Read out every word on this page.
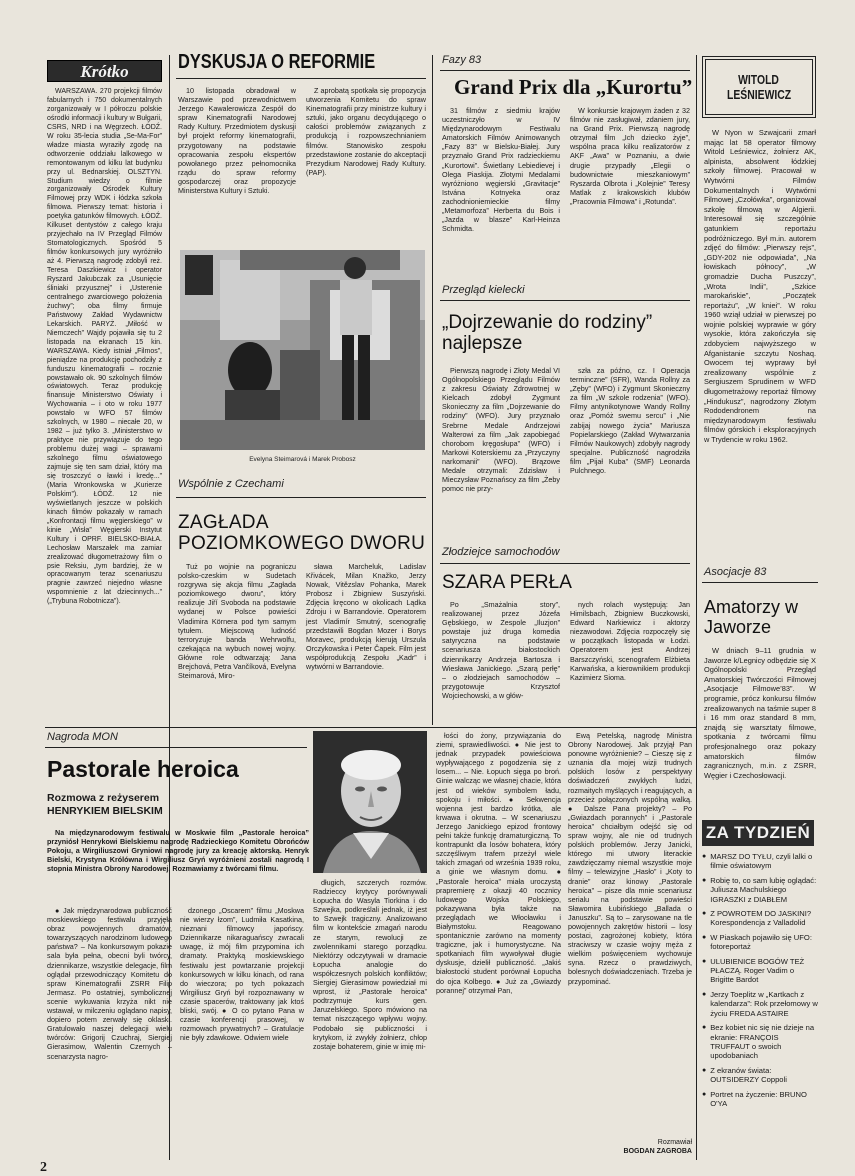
Krótko

WARSZAWA. 270 projekcji filmów fabularnych i 750 dokumentalnych zorganizowały w I półroczu polskie ośrodki informacji i kultury w Bułgarii, CSRS, NRD i na Węgrzech. ŁÓDŹ. W roku 35-lecia studia „Se-Ma-For” władze miasta wyraziły zgodę na odtworzenie oddziału lalkowego w remontowanym od kilku lat budynku przy ul. Bednarskiej. OLSZTYN. Studium wiedzy o filmie zorganizowały Ośrodek Kultury Filmowej przy WDK i łódzka szkoła filmowa. Pierwszy temat: historia i poetyka gatunków filmowych. ŁÓDŹ. Kilkuset dentystów z całego kraju przyjechało na IV Przegląd Filmów Stomatologicznych. Spośród 5 filmów konkursowych jury wyróżniło aż 4. Pierwszą nagrodę zdobyli reż. Teresa Daszkiewicz i operator Ryszard Jakubczak za „Usunięcie śliniaki przyusznej” i „Usterenie centralnego zwarciowego położenia żuchwy”; oba filmy firmuje Państwowy Zakład Wydawnictw Lekarskich. PARYŻ. „Miłość w Niemczech” Wajdy pojawiła się tu 2 listopada na ekranach 15 kin. WARSZAWA. Kiedy istniał „Filmos”, pieniądze na produkcję pochodziły z funduszu kinematografii – rocznie powstawało ok. 90 szkolnych filmów oświatowych. Teraz produkcję finansuje Ministerstwo Oświaty i Wychowania – i oto w roku 1977 powstało w WFO 57 filmów szkolnych, w 1980 – niecałe 20, w 1982 – już tylko 3. „Ministerstwo w praktyce nie przywiązuje do tego problemu dużej wagi – sprawami szkolnego filmu oświatowego zajmuje się ten sam dział, który ma się troszczyć o ławki i kredę...” (Maria Wronkowska w „Kurierze Polskim”). ŁÓDŹ. 12 nie wyświetlanych jeszcze w polskich kinach filmów pokazały w ramach „Konfrontacji filmu węgierskiego” w kinie „Wisła” Węgierski Instytut Kultury i OPRF. BIELSKO-BIAŁA. Lechosław Marszałek ma zamiar zrealizować długometrażowy film o psie Reksiu, „tym bardziej, że w opracowanym teraz scenariuszu pragnie zawrzeć niejedno własne wspomnienie z lat dziecinnych...” („Trybuna Robotnicza”).

DYSKUSJA O REFORMIE

10 listopada obradował w Warszawie pod przewodnictwem Jerzego Kawalerowicza Zespół do spraw Kinematografii Narodowej Rady Kultury. Przedmiotem dyskusji był projekt reformy kinematografii, przygotowany na podstawie opracowania zespołu ekspertów powołanego przez pełnomocnika rządu do spraw reformy gospodarczej oraz propozycje Ministerstwa Kultury i Sztuki.

Z aprobatą spotkała się propozycja utworzenia Komitetu do spraw Kinematografii przy ministrze kultury i sztuki, jako organu decydującego o całości problemów związanych z produkcją i rozpowszechnianiem filmów. Stanowisko zespołu przedstawione zostanie do akceptacji Prezydium Narodowej Rady Kultury. (PAP).

Evelyna Steimarová i Marek Probosz
Wspólnie z Czechami
ZAGŁADA POZIOMKOWEGO DWORU

Tuż po wojnie na pograniczu polsko-czeskim w Sudetach rozgrywa się akcja filmu „Zagłada poziomkowego dworu”, który realizuje Jiří Svoboda na podstawie wydanej w Polsce powieści Vladimira Körnera pod tym samym tytułem. Miejscową ludność terroryzuje banda Wehrwolfu, czekająca na wybuch nowej wojny. Główne role odtwarzają: Jana Brejchová, Petra Vančíková, Evelyna Steimarová, Miro-

sława Marcheluk, Ladislav Křivácek, Milan Knažko, Jerzy Nowak, Vitězslav Pohanka, Marek Probosz i Zbigniew Suszyński. Zdjęcia kręcono w okolicach Lądka Zdroju i w Barrandovie. Operatorem jest Vladimír Smutný, scenografię przedstawili Bogdan Mozer i Borys Moravec, produkcją kierują Urszula Orczykowska i Peter Čapek. Film jest współprodukcją Zespołu „Kadr” i wytwórni w Barrandovie.

Fazy 83
Grand Prix dla „Kurortu”

31 filmów z siedmiu krajów uczestniczyło w IV Międzynarodowym Festiwalu Amatorskich Filmów Animowanych „Fazy 83” w Bielsku-Białej. Jury przyznało Grand Prix radzieckiemu „Kurortowi”. Świetlany Lebiedievej i Olega Piaskija. Złotymi Medalami wyróżniono węgierski „Gravitacje” Istvána Kotnyeka oraz zachodnioniemieckie filmy „Metamorfoza” Herberta du Bois i „Jazda w blasze” Karl-Heinza Schmidta.

W konkursie krajowym żaden z 32 filmów nie zasługiwał, zdaniem jury, na Grand Prix. Pierwszą nagrodę otrzymał film „Ich dziecko żyje”, wspólna praca kilku realizatorów z AKF „Awa” w Poznaniu, a dwie drugie przypadły „Elegii o budownictwie mieszkaniowym” Ryszarda Olbrota i „Kolejnie” Teresy Matlak z krakowskich klubów „Pracownia Filmowa” i „Rotunda”.

Przegląd kielecki
„Dojrzewanie do rodziny” najlepsze

Pierwszą nagrodę i Złoty Medal VI Ogólnopolskiego Przeglądu Filmów z zakresu Oświaty Zdrowotnej w Kielcach zdobył Zygmunt Skonieczny za film „Dojrzewanie do rodziny” (WFO). Jury przyznało Srebrne Medale Andrzejowi Walterowi za film „Jak zapobiegać chorobom kręgosłupa” (WFO) i Markowi Koterskiemu za „Przyczyny narkomanii” (WFO). Brązowe Medale otrzymali: Zdzisław i Mieczysław Poznańscy za film „Żeby pomoc nie przy-

szła za późno, cz. I Operacja terminczne” (SFR), Wanda Rollny za „Zęby” (WFO) i Zygmunt Skonieczny za film „W szkole rodzenia” (WFO). Filmy antynikotynowe Wandy Rollny oraz „Pomóż swemu sercu” i „Nie zabijaj nowego życia” Mariusza Popielarskiego (Zakład Wytwarzania Filmów Naukowych) zdobyły nagrody specjalne. Publiczność nagrodziła film „Pijał Kuba” (SMF) Leonarda Pulchnego.

Złodziejce samochodów
SZARA PERŁA

Po „Smażalnia story”, realizowanej przez Józefa Gębskiego, w Zespole „Iluzjon” powstaje już druga komedia satyryczna na podstawie scenariusza białostockich dziennikarzy Andrzeja Bartosza i Wiesława Janickiego. „Szarą perłę” – o złodziejach samochodów – przygotowuje Krzysztof Wojciechowski, a w głów-

nych rolach występują: Jan Himilsbach, Zbigniew Buczkowski, Edward Narkiewicz i aktorzy niezawodowi. Zdjęcia rozpoczęły się w początkach listopada w Łodzi. Operatorem jest Andrzej Barszczyński, scenografem Elżbieta Karwańska, a kierownikiem produkcji Kazimierz Sioma.

WITOLD
LEŚNIEWICZ

W Nyon w Szwajcarii zmarł mając lat 58 operator filmowy Witold Leśniewicz, żołnierz AK, alpinista, absolwent łódzkiej szkoły filmowej. Pracował w Wytwórni Filmów Dokumentalnych i Wytwórni Filmowej „Czołówka”, organizował szkołę filmową w Algierii. Interesował się szczególnie gatunkiem reportażu podróżniczego. Był m.in. autorem zdjęć do filmów: „Pierwszy rejs”, „GDY-202 nie odpowiada”, „Na łowiskach północy”, „W gromadzie Ducha Puszczy”, „Wrota Indii”, „Szkice marokańskie”, „Początek reportażu”, „W knieі”. W roku 1960 wziął udział w pierwszej po wojnie polskiej wyprawie w góry wysokie, która zakończyła się zdobyciem najwyższego w Afganistanie szczytu Noshaq. Owocem tej wyprawy był zrealizowany wspólnie z Sergiuszem Sprudinem w WFD długometrażowy reportaż filmowy „Hindukusz”, nagrodzony Złotym Rododendronem na międzynarodowym festiwalu filmów górskich i eksploracyjnych w Trydencie w roku 1962.

Asocjacje 83
Amatorzy w Jaworze

W dniach 9–11 grudnia w Jaworze k/Legnicy odbędzie się X Ogólnopolski Przegląd Amatorskiej Twórczości Filmowej „Asocjacje Filmowe’83”. W programie, prócz konkursu filmów zrealizowanych na taśmie super 8 i 16 mm oraz standard 8 mm, znajdą się warsztaty filmowe, spotkania z twórcami filmu profesjonalnego oraz pokazy amatorskich filmów zagranicznych, m.in. z ZSRR, Węgier i Czechosłowacji.

ZA TYDZIEŃ
● MARSZ DO TYŁU, czyli lalki o filmie oświatowym
● Robię to, co sam lubię oglądać: Juliusza Machulskiego IGRASZKI z DIABŁEM
● Z POWROTEM DO JASKINI? Korespondencja z Valladolid
● W Piaskach pojawiło się UFO: fotoreportaż
● ULUBIENICE BOGÓW TEŻ PŁACZĄ. Roger Vadim o Brigitte Bardot
● Jerzy Toeplitz w „Kartkach z kalendarza”: Rok przełomowy w życiu FREDA ASTAIRE
● Bez kobiet nic się nie dzieje na ekranie: FRANÇOIS TRUFFAUT o swoich upodobaniach
● Z ekranów świata: OUTSIDERZY Coppoli
● Portret na życzenie: BRUNO O'YA
Nagroda MON
Pastorale heroica
Rozmowa z reżyserem
HENRYKIEM BIELSKIM

Na międzynarodowym festiwalu w Moskwie film „Pastorale heroica” przyniósł Henrykowi Bielskiemu nagrodę Radzieckiego Komitetu Obrońców Pokoju, a Wirgiliuszowi Gryniowi nagrodę jury za kreację aktorską. Henryk Bielski, Krystyna Królówna i Wirgiliusz Gryń wyróżnieni zostali nagrodą I stopnia Ministra Obrony Narodowej. Rozmawiamy z twórcami filmu.

● Jak międzynarodowa publiczność moskiewskiego festiwalu przyjęła obraz powojennych dramatów, towarzyszących narodzinom ludowego państwa? – Na konkursowym pokazie sala była pełna, obecni byli twórcy, dziennikarze, wszystkie delegacje, film oglądał przewodniczący Komitetu do spraw Kinematografii ZSRR Filip Jermasz. Po ostatniej, symbolicznej scenie wykuwania krzyża nikt nie wstawał, w milczeniu oglądano napisy, dopiero potem zerwały się oklaski. Gratulowało naszej delegacji wielu twórców: Grigorij Czuchraj, Siergiej Gierasimow, Walentin Czernych – scenarzysta nagro-

dzonego „Oscarem” filmu „Moskwa nie wierzy łzom”, Ludmiła Kasatkina, nieznani filmowcy japońscy. Dziennikarze nikaraguańscy zwracali uwagę, iż mój film przypomina ich dramaty. Praktyką moskiewskiego festiwalu jest powtarzanie projekcji konkursowych w kilku kinach, od rana do wieczora; po tych pokazach Wirgiliusz Gryń był rozpoznawany w czasie spacerów, traktowany jak ktoś bliski, swój. ● O co pytano Pana w czasie konferencji prasowej, w rozmowach prywatnych? – Gratulacje nie były zdawkowe. Odwiem wiele

długich, szczerych rozmów. Radzieccy krytycy porównywali Łopucha do Wasyla Tiorkina i do Szwejka, podkreślali jednak, iż jest to Szwejk tragiczny. Analizowano film w kontekście zmagań narodu ze starym, rewolucji ze zwolennikami starego porządku. Niektórzy odczytywali w dramacie Łopucha analogie do współczesnych polskich konfliktów; Siergiej Gierasimow powiedział mi wprost, iż „Pastorale heroica” podtrzymuje kurs gen. Jaruzelskiego. Sporo mówiono na temat niszczącego wpływu wojny. Podobało się publiczności i krytykom, iż zwykły żołnierz, chłop zostaje bohaterem, ginie w imię mi-

łości do żony, przywiązania do ziemi, sprawiedliwości. ● Nie jest to jednak przypadek powieściowa wypływającego z pogodzenia się z losem... – Nie. Łopuch sięga po broń. Ginie walcząc we własnej chacie, która jest od wieków symbolem ładu, spokoju i miłości. ● Sekwencja wojenna jest bardzo krótka, ale krwawa i okrutna. – W scenariuszu Jerzego Janickiego epizod frontowy pełni także funkcję dramaturgiczną. To kontrapunkt dla losów bohatera, który szczęśliwym trafem przeżył wiele takich zmagań od września 1939 roku, a ginie we własnym domu. ● „Pastorale heroica” miała uroczystą prapremierę z okazji 40 rocznicy ludowego Wojska Polskiego, pokazywana była także na przeglądach we Włocławku i Białymstoku. Reagowano spontanicznie zarówno na momenty tragiczne, jak i humorystyczne. Na spotkaniach film wywoływał długie dyskusje, dzielił publiczność. „Jakiś białostocki student porównał Łopucha do ojca Kolbego. ● Już za „Gwiazdy porannej” otrzymał Pan,

Ewą Petelską, nagrodę Ministra Obrony Narodowej. Jak przyjął Pan ponowne wyróżnienie? – Cieszę się z uznania dla mojej wizji trudnych polskich losów z perspektywy doświadczeń zwykłych ludzi, rozmaitych myślących i reagujących, a przecież połączonych wspólną walką. ● Dalsze Pana projekty? – Po „Gwiazdach porannych” i „Pastorale heroica” chciałbym odejść się od spraw wojny, ale nie od trudnych polskich problemów. Jerzy Janicki, którego mi utwory literackie zawdzięczamy niemal wszystkie moje filmy – telewizyjne „Hasło” i „Koty to dranie” oraz kinowy „Pastorale heroica” – pisze dla mnie scenariusz serialu na podstawie powieści Sławomira Łubińskiego „Ballada o Januszku”. Są to – zarysowane na tle powojennych zakrętów historii – losy postaci, zagrożonej kobiety, która straciwszy w czasie wojny męża z wielkim poświęceniem wychowuje syna. Rzecz o prawdziwych, bolesnych doświadczeniach. Trzeba je przypominać.

Rozmawiał
BOGDAN ZAGROBA
2
